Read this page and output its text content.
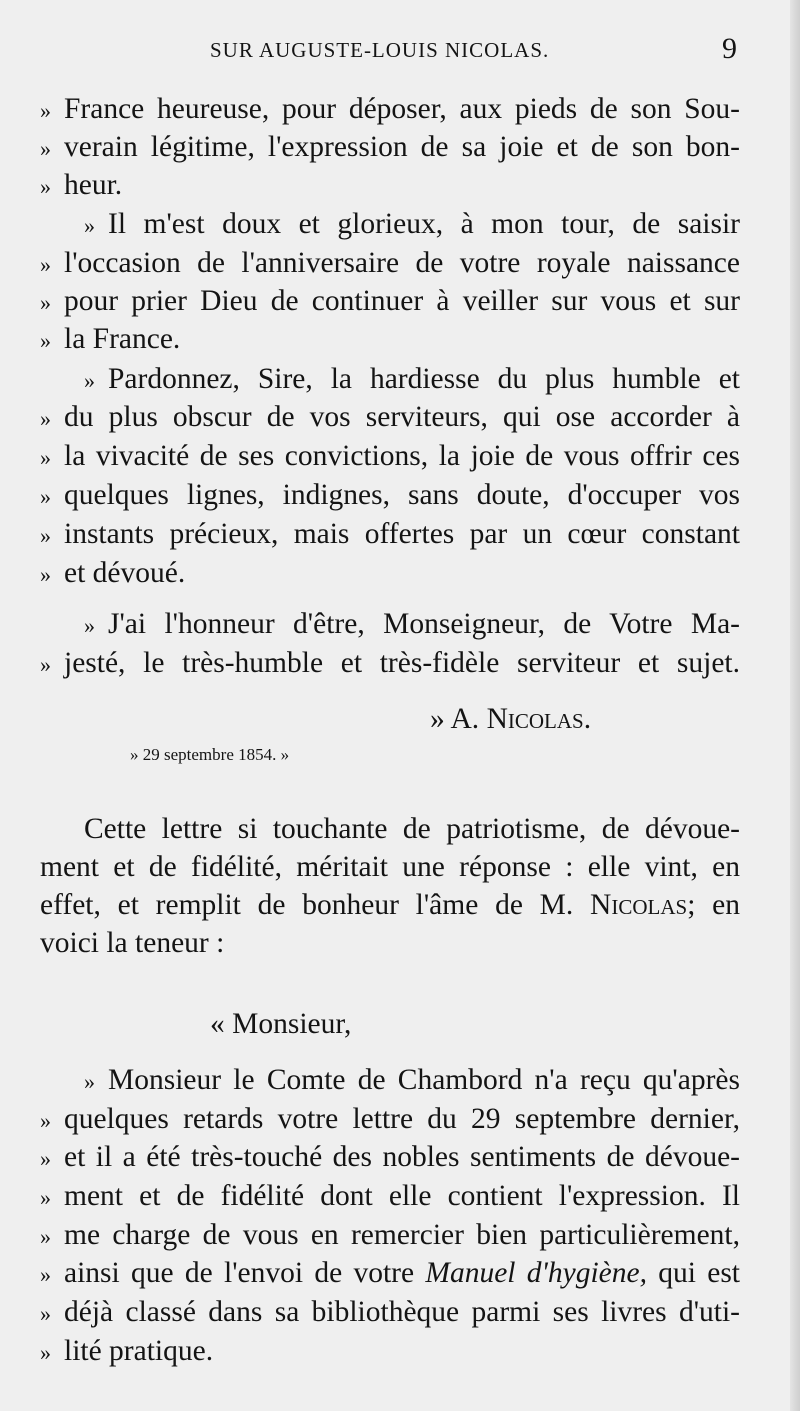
SUR AUGUSTE-LOUIS NICOLAS.	9
» France heureuse, pour déposer, aux pieds de son Sou-
» verain légitime, l'expression de sa joie et de son bon-
» heur.
» Il m'est doux et glorieux, à mon tour, de saisir
» l'occasion de l'anniversaire de votre royale naissance
» pour prier Dieu de continuer à veiller sur vous et sur
» la France.
» Pardonnez, Sire, la hardiesse du plus humble et
» du plus obscur de vos serviteurs, qui ose accorder à
» la vivacité de ses convictions, la joie de vous offrir ces
» quelques lignes, indignes, sans doute, d'occuper vos
» instants précieux, mais offertes par un cœur constant
» et dévoué.
» J'ai l'honneur d'être, Monseigneur, de Votre Ma-
» jesté, le très-humble et très-fidèle serviteur et sujet.
» A. Nicolas.
» 29 septembre 1854. »
Cette lettre si touchante de patriotisme, de dévoue-
ment et de fidélité, méritait une réponse : elle vint, en
effet, et remplit de bonheur l'âme de M. Nicolas; en
voici la teneur :
« Monsieur,
» Monsieur le Comte de Chambord n'a reçu qu'après
» quelques retards votre lettre du 29 septembre dernier,
» et il a été très-touché des nobles sentiments de dévoue-
» ment et de fidélité dont elle contient l'expression. Il
» me charge de vous en remercier bien particulièrement,
» ainsi que de l'envoi de votre Manuel d'hygiène, qui est
» déjà classé dans sa bibliothèque parmi ses livres d'uti-
» lité pratique.
